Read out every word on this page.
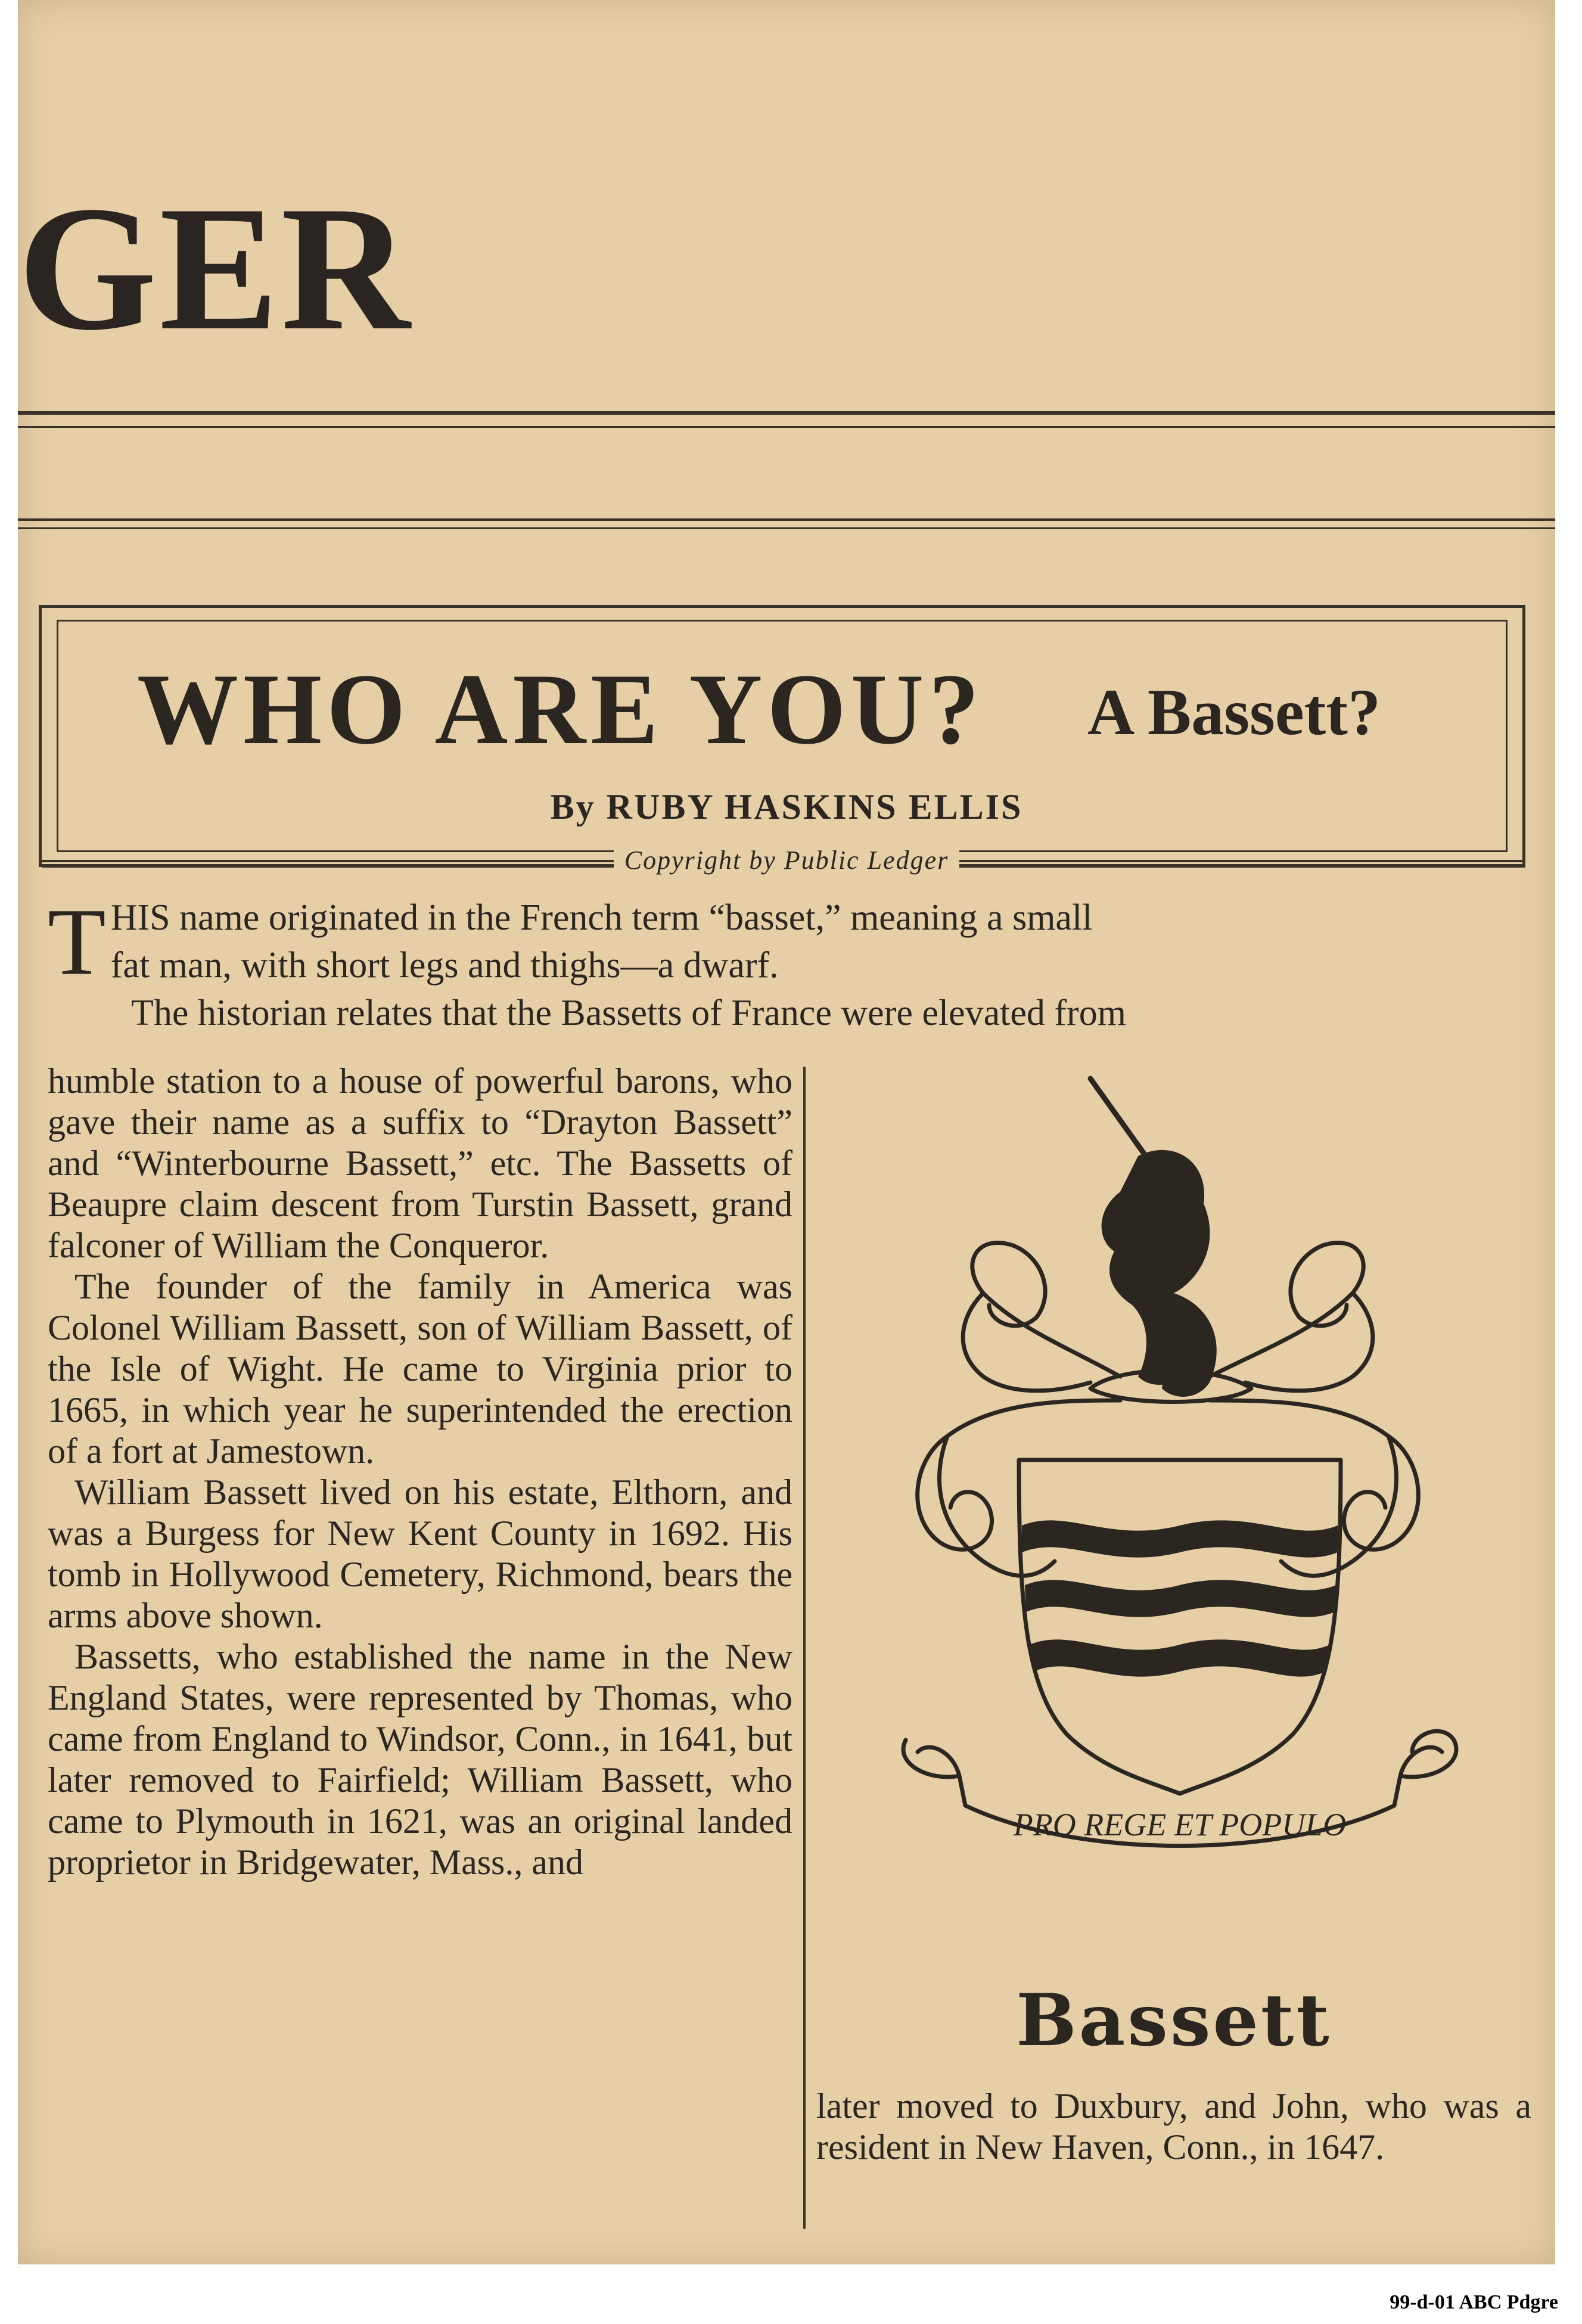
GER
WHO ARE YOU? A Bassett?
By RUBY HASKINS ELLIS
Copyright by Public Ledger
T HIS name originated in the French term “basset,” meaning a small
fat man, with short legs and thighs—a dwarf.
The historian relates that the Bassetts of France were elevated from

humble station to a house of powerful barons, who gave their name as a suffix to “Drayton Bassett” and “Winterbourne Bassett,” etc. The Bassetts of Beaupre claim descent from Turstin Bassett, grand falconer of William the Conqueror.

The founder of the family in America was Colonel William Bassett, son of William Bassett, of the Isle of Wight. He came to Virginia prior to 1665, in which year he superintended the erection of a fort at Jamestown.

William Bassett lived on his estate, Elthorn, and was a Burgess for New Kent County in 1692. His tomb in Hollywood Cemetery, Richmond, bears the arms above shown.

Bassetts, who established the name in the New England States, were represented by Thomas, who came from England to Windsor, Conn., in 1641, but later removed to Fairfield; William Bassett, who came to Plymouth in 1621, was an original landed proprietor in Bridgewater, Mass., and

PRO REGE ET POPULO
Bassett
later moved to Duxbury, and John, who was a resident in New Haven, Conn., in 1647.
99-d-01 ABC Pdgre
